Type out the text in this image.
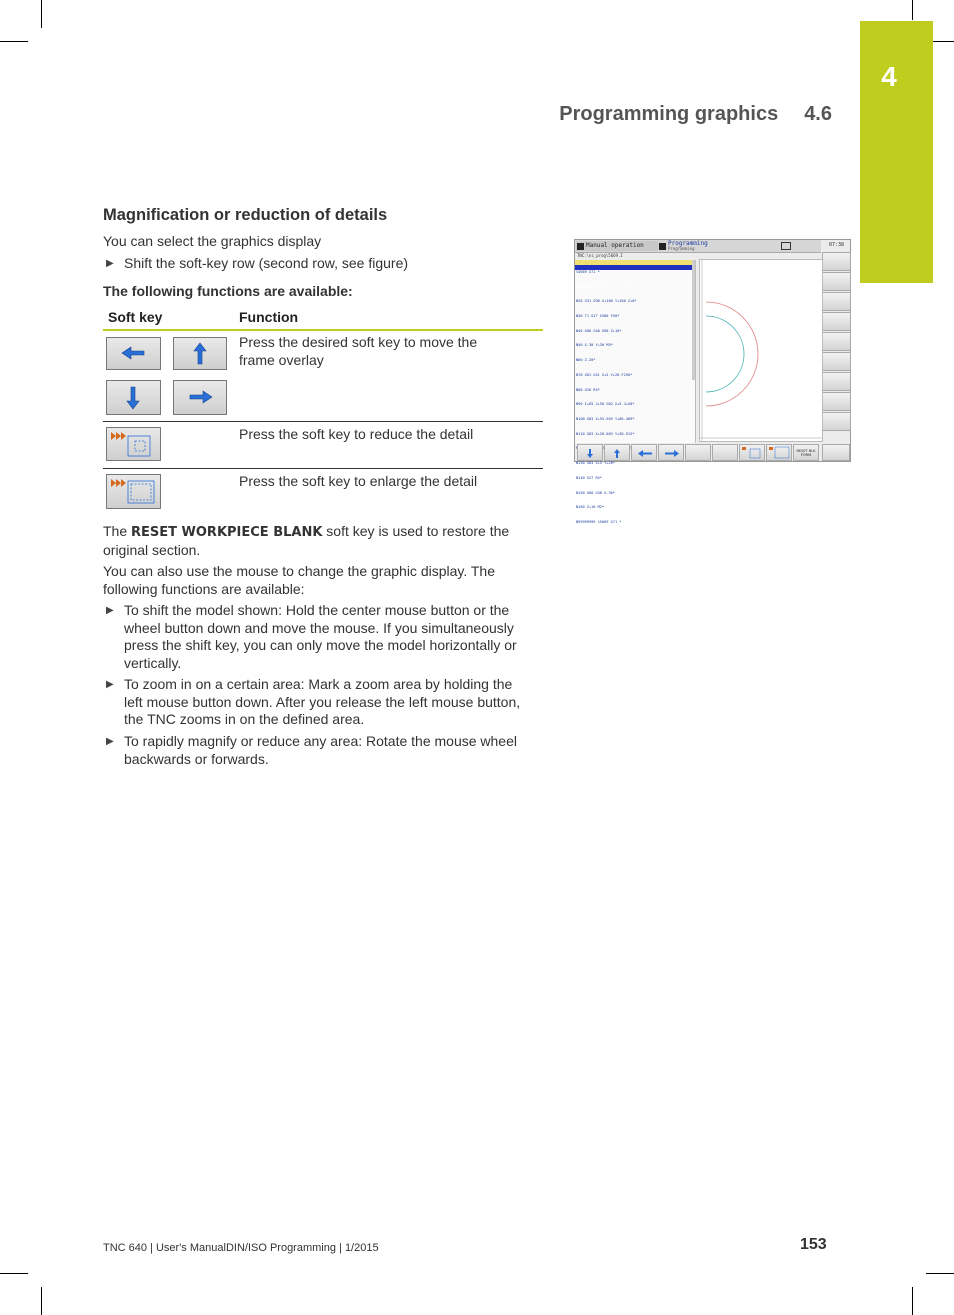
4
Programming graphics 4.6
Magnification or reduction of details
You can select the graphics display
▶ Shift the soft-key row (second row, see figure)
The following functions are available:
Soft key	Function
Press the desired soft key to move the frame overlay
Press the soft key to reduce the detail
Press the soft key to enlarge the detail
The RESET WORKPIECE BLANK soft key is used to restore the original section.
You can also use the mouse to change the graphic display. The following functions are available:
▶ To shift the model shown: Hold the center mouse button or the wheel button down and move the mouse. If you simultaneously press the shift key, you can only move the model horizontally or vertically.
▶ To zoom in on a certain area: Mark a zoom area by holding the left mouse button down. After you release the left mouse button, the TNC zooms in on the defined area.
▶ To rapidly magnify or reduce any area: Rotate the mouse wheel backwards or forwards.
Manual operation	Programming
Programming
07:38
TNC:\nc_prog\5669.I

%5669 G71 *

N10 G30 G17 X+0 Y+0 Z-40*

N20 G31 G90 X+100 Y+100 Z+0*

N30 T1 G17 S500 F50*

N40 G00 G40 G90 Z+10*

N50 X-30 Y+30 M3*

N60 Z-20*

N70 G01 G41 X+5 Y+20 F250*

N80 G26 R5*

N90 I+65 J+50 G02 X+5 J+50*

N100 G03 X+55.565 Y+66.409*

N110 G03 X+28.003 Y+30.915*

N130 G03 X+5 Y+20*

N140 G27 R5*

N150 G00 G40 X-30*

N160 Z+10 M2*

N99999999 %5669 G71 *

RESET BLK FORM
TNC 640 | User's ManualDIN/ISO Programming | 1/2015	153
